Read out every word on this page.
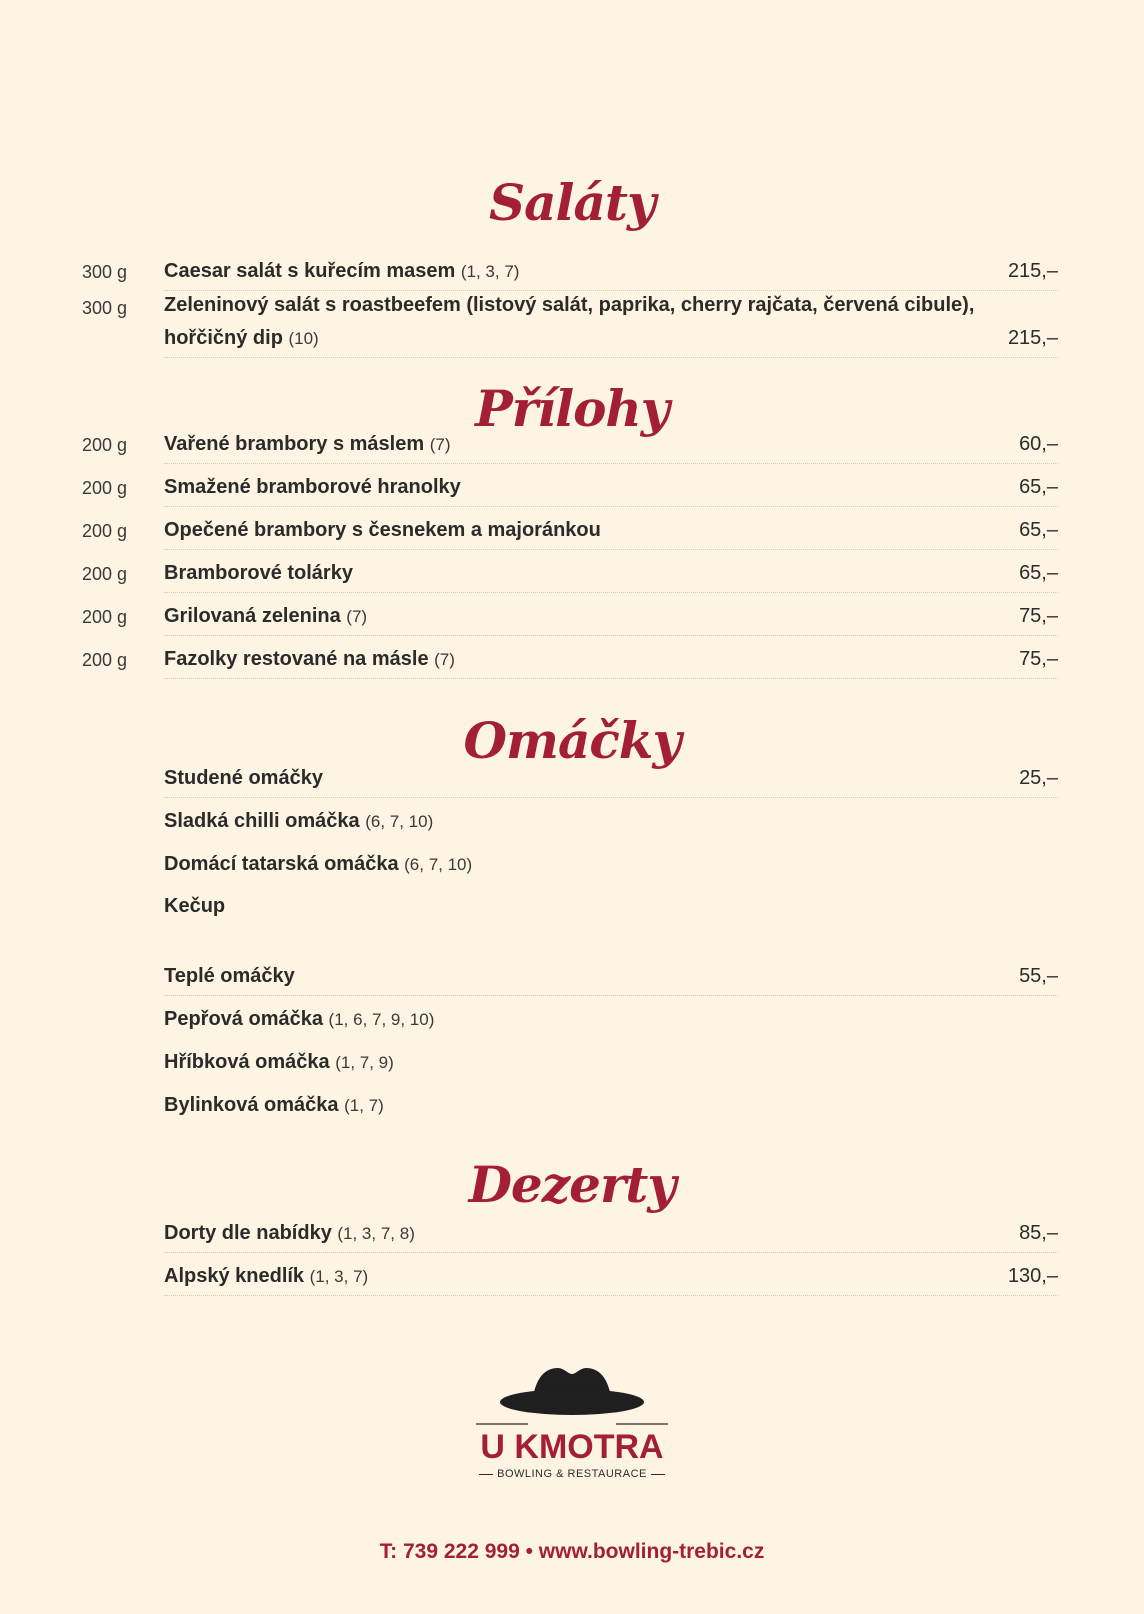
Saláty
300 g Caesar salát s kuřecím masem (1, 3, 7)	215,–
300 g Zeleninový salát s roastbeefem (listový salát, paprika, cherry rajčata, červená cibule),
hořčičný dip (10)	215,–
Přílohy
200 g Vařené brambory s máslem (7)	60,–
200 g Smažené bramborové hranolky	65,–
200 g Opečené brambory s česnekem a majoránkou	65,–
200 g Bramborové tolárky	65,–
200 g Grilovaná zelenina (7)	75,–
200 g Fazolky restované na másle (7)	75,–
Omáčky
Studené omáčky	25,–
Sladká chilli omáčka (6, 7, 10)
Domácí tatarská omáčka (6, 7, 10)
Kečup
Teplé omáčky	55,–
Pepřová omáčka (1, 6, 7, 9, 10)
Hříbková omáčka (1, 7, 9)
Bylinková omáčka (1, 7)
Dezerty
Dorty dle nabídky (1, 3, 7, 8)	85,–
Alpský knedlík (1, 3, 7)	130,–
U KMOTRA
BOWLING & RESTAURACE
T: 739 222 999 • www.bowling-trebic.cz
